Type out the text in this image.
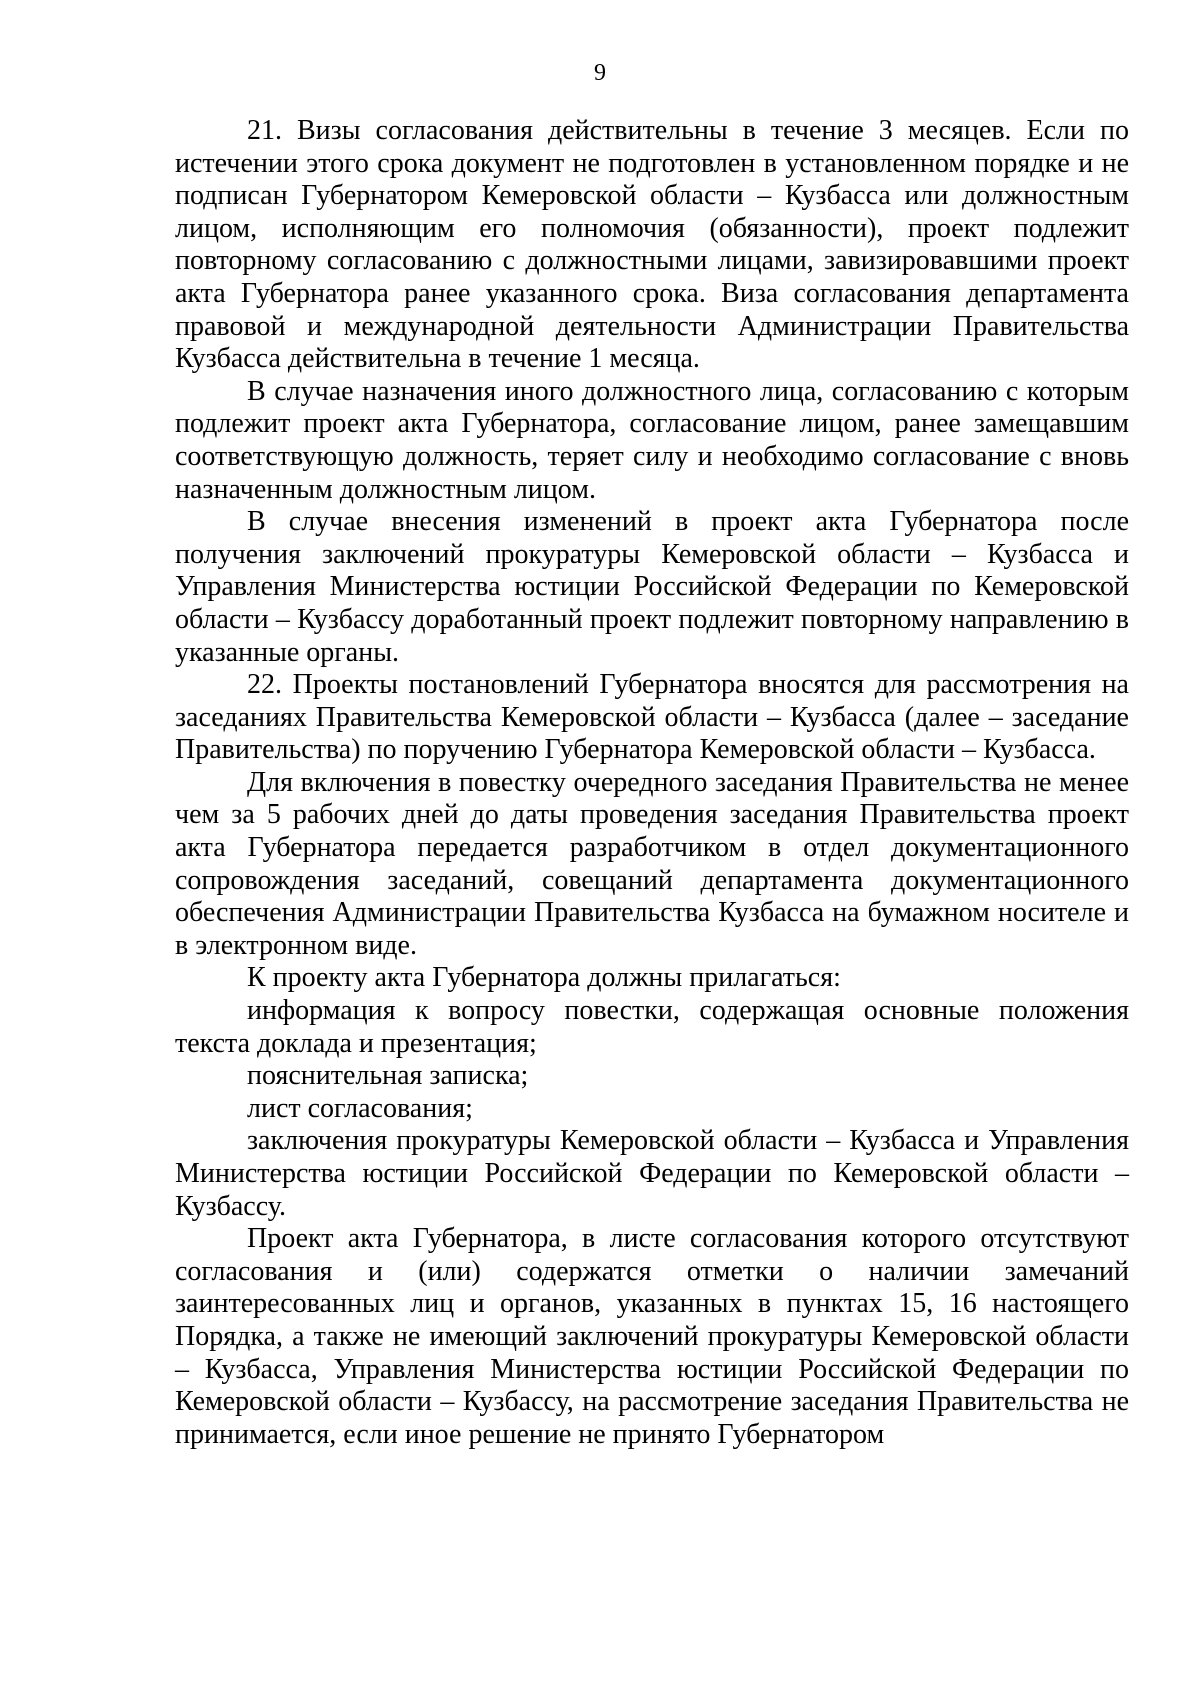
9

21. Визы согласования действительны в течение 3 месяцев. Если по истечении этого срока документ не подготовлен в установленном порядке и не подписан Губернатором Кемеровской области – Кузбасса или должностным лицом, исполняющим его полномочия (обязанности), проект подлежит повторному согласованию с должностными лицами, завизировавшими проект акта Губернатора ранее указанного срока. Виза согласования департамента правовой и международной деятельности Администрации Правительства Кузбасса действительна в течение 1 месяца.

В случае назначения иного должностного лица, согласованию с которым подлежит проект акта Губернатора, согласование лицом, ранее замещавшим соответствующую должность, теряет силу и необходимо согласование с вновь назначенным должностным лицом.

В случае внесения изменений в проект акта Губернатора после получения заключений прокуратуры Кемеровской области – Кузбасса и Управления Министерства юстиции Российской Федерации по Кемеровской области – Кузбассу доработанный проект подлежит повторному направлению в указанные органы.

22. Проекты постановлений Губернатора вносятся для рассмотрения на заседаниях Правительства Кемеровской области – Кузбасса (далее – заседание Правительства) по поручению Губернатора Кемеровской области – Кузбасса.

Для включения в повестку очередного заседания Правительства не менее чем за 5 рабочих дней до даты проведения заседания Правительства проект акта Губернатора передается разработчиком в отдел документационного сопровождения заседаний, совещаний департамента документационного обеспечения Администрации Правительства Кузбасса на бумажном носителе и в электронном виде.

К проекту акта Губернатора должны прилагаться:

информация к вопросу повестки, содержащая основные положения текста доклада и презентация;

пояснительная записка;

лист согласования;

заключения прокуратуры Кемеровской области – Кузбасса и Управления Министерства юстиции Российской Федерации по Кемеровской области – Кузбассу.

Проект акта Губернатора, в листе согласования которого отсутствуют согласования и (или) содержатся отметки о наличии замечаний заинтересованных лиц и органов, указанных в пунктах 15, 16 настоящего Порядка, а также не имеющий заключений прокуратуры Кемеровской области – Кузбасса, Управления Министерства юстиции Российской Федерации по Кемеровской области – Кузбассу, на рассмотрение заседания Правительства не принимается, если иное решение не принято Губернатором
